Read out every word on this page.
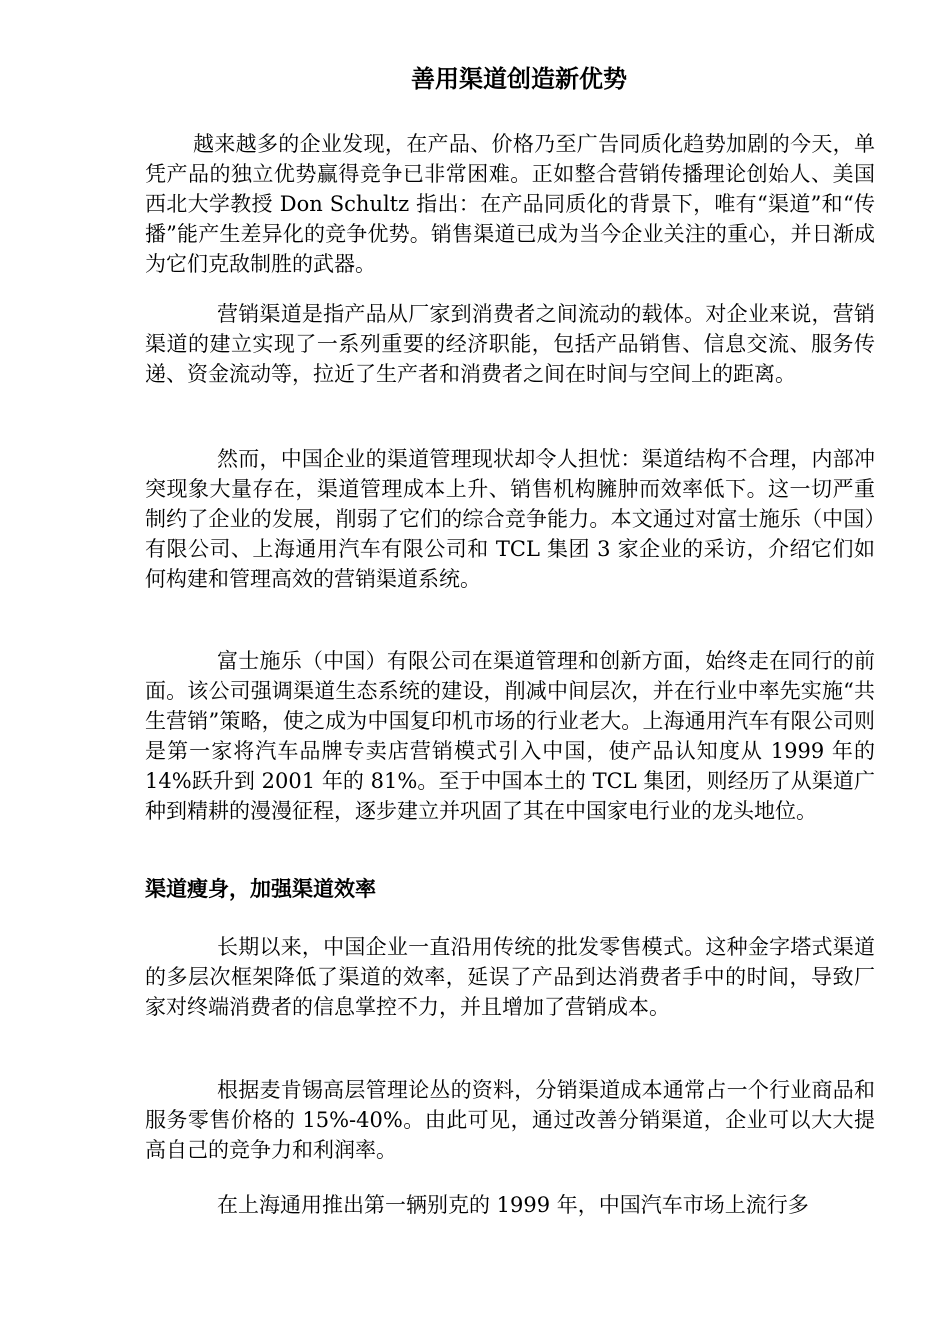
善用渠道创造新优势

越来越多的企业发现，在产品、价格乃至广告同质化趋势加剧的今天，单凭产品的独立优势赢得竞争已非常困难。正如整合营销传播理论创始人、美国西北大学教授 Don Schultz 指出：在产品同质化的背景下，唯有“渠道”和“传播”能产生差异化的竞争优势。销售渠道已成为当今企业关注的重心，并日渐成为它们克敌制胜的武器。

营销渠道是指产品从厂家到消费者之间流动的载体。对企业来说，营销渠道的建立实现了一系列重要的经济职能，包括产品销售、信息交流、服务传递、资金流动等，拉近了生产者和消费者之间在时间与空间上的距离。

然而，中国企业的渠道管理现状却令人担忧：渠道结构不合理，内部冲突现象大量存在，渠道管理成本上升、销售机构臃肿而效率低下。这一切严重制约了企业的发展，削弱了它们的综合竞争能力。本文通过对富士施乐（中国）有限公司、上海通用汽车有限公司和 TCL 集团 3 家企业的采访，介绍它们如何构建和管理高效的营销渠道系统。

富士施乐（中国）有限公司在渠道管理和创新方面，始终走在同行的前面。该公司强调渠道生态系统的建设，削减中间层次，并在行业中率先实施“共生营销”策略，使之成为中国复印机市场的行业老大。上海通用汽车有限公司则是第一家将汽车品牌专卖店营销模式引入中国，使产品认知度从 1999 年的 14%跃升到 2001 年的 81%。至于中国本土的 TCL 集团，则经历了从渠道广种到精耕的漫漫征程，逐步建立并巩固了其在中国家电行业的龙头地位。

渠道瘦身，加强渠道效率

长期以来，中国企业一直沿用传统的批发零售模式。这种金字塔式渠道的多层次框架降低了渠道的效率，延误了产品到达消费者手中的时间，导致厂家对终端消费者的信息掌控不力，并且增加了营销成本。

根据麦肯锡高层管理论丛的资料，分销渠道成本通常占一个行业商品和服务零售价格的 15%-40%。由此可见，通过改善分销渠道，企业可以大大提高自己的竞争力和利润率。

在上海通用推出第一辆别克的 1999 年，中国汽车市场上流行多
